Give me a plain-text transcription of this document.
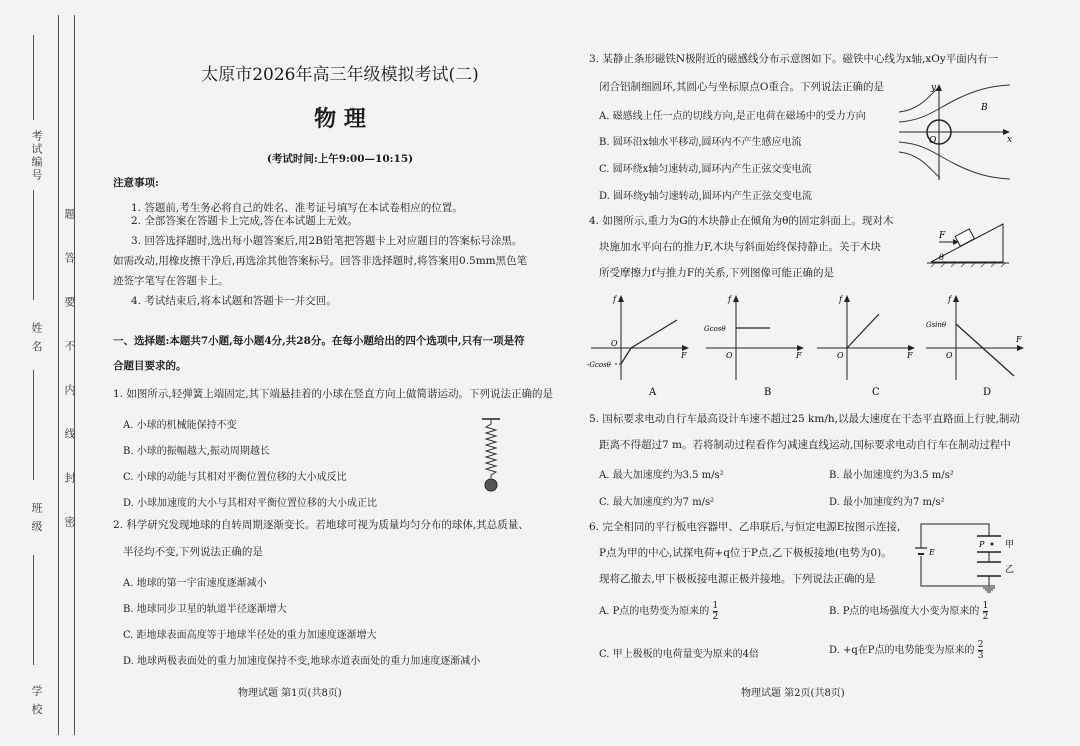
考试编号
姓 名
班 级
学 校
题
答
要
不
内
线
封
密
太原市2026年高三年级模拟考试(二)
物 理
(考试时间:上午9:00—10:15)
注意事项:
1. 答题前,考生务必将自己的姓名、准考证号填写在本试卷相应的位置。
2. 全部答案在答题卡上完成,答在本试题上无效。
3. 回答选择题时,选出每小题答案后,用2B铅笔把答题卡上对应题目的答案标号涂黑。
如需改动,用橡皮擦干净后,再选涂其他答案标号。回答非选择题时,将答案用0.5mm黑色笔
迹签字笔写在答题卡上。
4. 考试结束后,将本试题和答题卡一并交回。
一、选择题:本题共7小题,每小题4分,共28分。在每小题给出的四个选项中,只有一项是符
合题目要求的。
1. 如图所示,轻弹簧上端固定,其下端悬挂着的小球在竖直方向上做简谐运动。下列说法正确的是
A. 小球的机械能保持不变
B. 小球的振幅越大,振动周期越长
C. 小球的动能与其相对平衡位置位移的大小成反比
D. 小球加速度的大小与其相对平衡位置位移的大小成正比
2. 科学研究发现地球的自转周期逐渐变长。若地球可视为质量均匀分布的球体,其总质量、
半径均不变,下列说法正确的是
A. 地球的第一宇宙速度逐渐减小
B. 地球同步卫星的轨道半径逐渐增大
C. 距地球表面高度等于地球半径处的重力加速度逐渐增大
D. 地球两极表面处的重力加速度保持不变,地球赤道表面处的重力加速度逐渐减小
物理试题 第1页(共8页)
3. 某静止条形磁铁N极附近的磁感线分布示意图如下。磁铁中心线为x轴,xOy平面内有一
闭合铝制细圆环,其圆心与坐标原点O重合。下列说法正确的是
A. 磁感线上任一点的切线方向,是正电荷在磁场中的受力方向
B. 圆环沿x轴水平移动,圆环内不产生感应电流
C. 圆环绕x轴匀速转动,圆环内产生正弦交变电流
D. 圆环绕y轴匀速转动,圆环内产生正弦交变电流
y
x
O
B
4. 如图所示,重力为G的木块静止在倾角为θ的固定斜面上。现对木
块施加水平向右的推力F,木块与斜面始终保持静止。关于木块
所受摩擦力f与推力F的关系,下列图像可能正确的是
F
θ
f
F
O
-Gcosθ
A
f
F
O
Gcosθ
B
f
F
O
C
f
F
O
Gsinθ
D
5. 国标要求电动自行车最高设计车速不超过25 km/h,以最大速度在干态平直路面上行驶,制动
距离不得超过7 m。若将制动过程看作匀减速直线运动,国标要求电动自行车在制动过程中
A. 最大加速度约为3.5 m/s²	B. 最小加速度约为3.5 m/s²
C. 最大加速度约为7 m/s²	D. 最小加速度约为7 m/s²
6. 完全相同的平行板电容器甲、乙串联后,与恒定电源E按图示连接,
P点为甲的中心,试探电荷+q位于P点,乙下极板接地(电势为0)。
现将乙撤去,甲下极板接电源正极并接地。下列说法正确的是
E
P 甲
乙
A. P点的电势变为原来的 $\frac{1}{2}$	B. P点的电场强度大小变为原来的 $\frac{1}{2}$
C. 甲上极板的电荷量变为原来的4倍	D. +q在P点的电势能变为原来的 $\frac{2}{3}$
物理试题 第2页(共8页)
